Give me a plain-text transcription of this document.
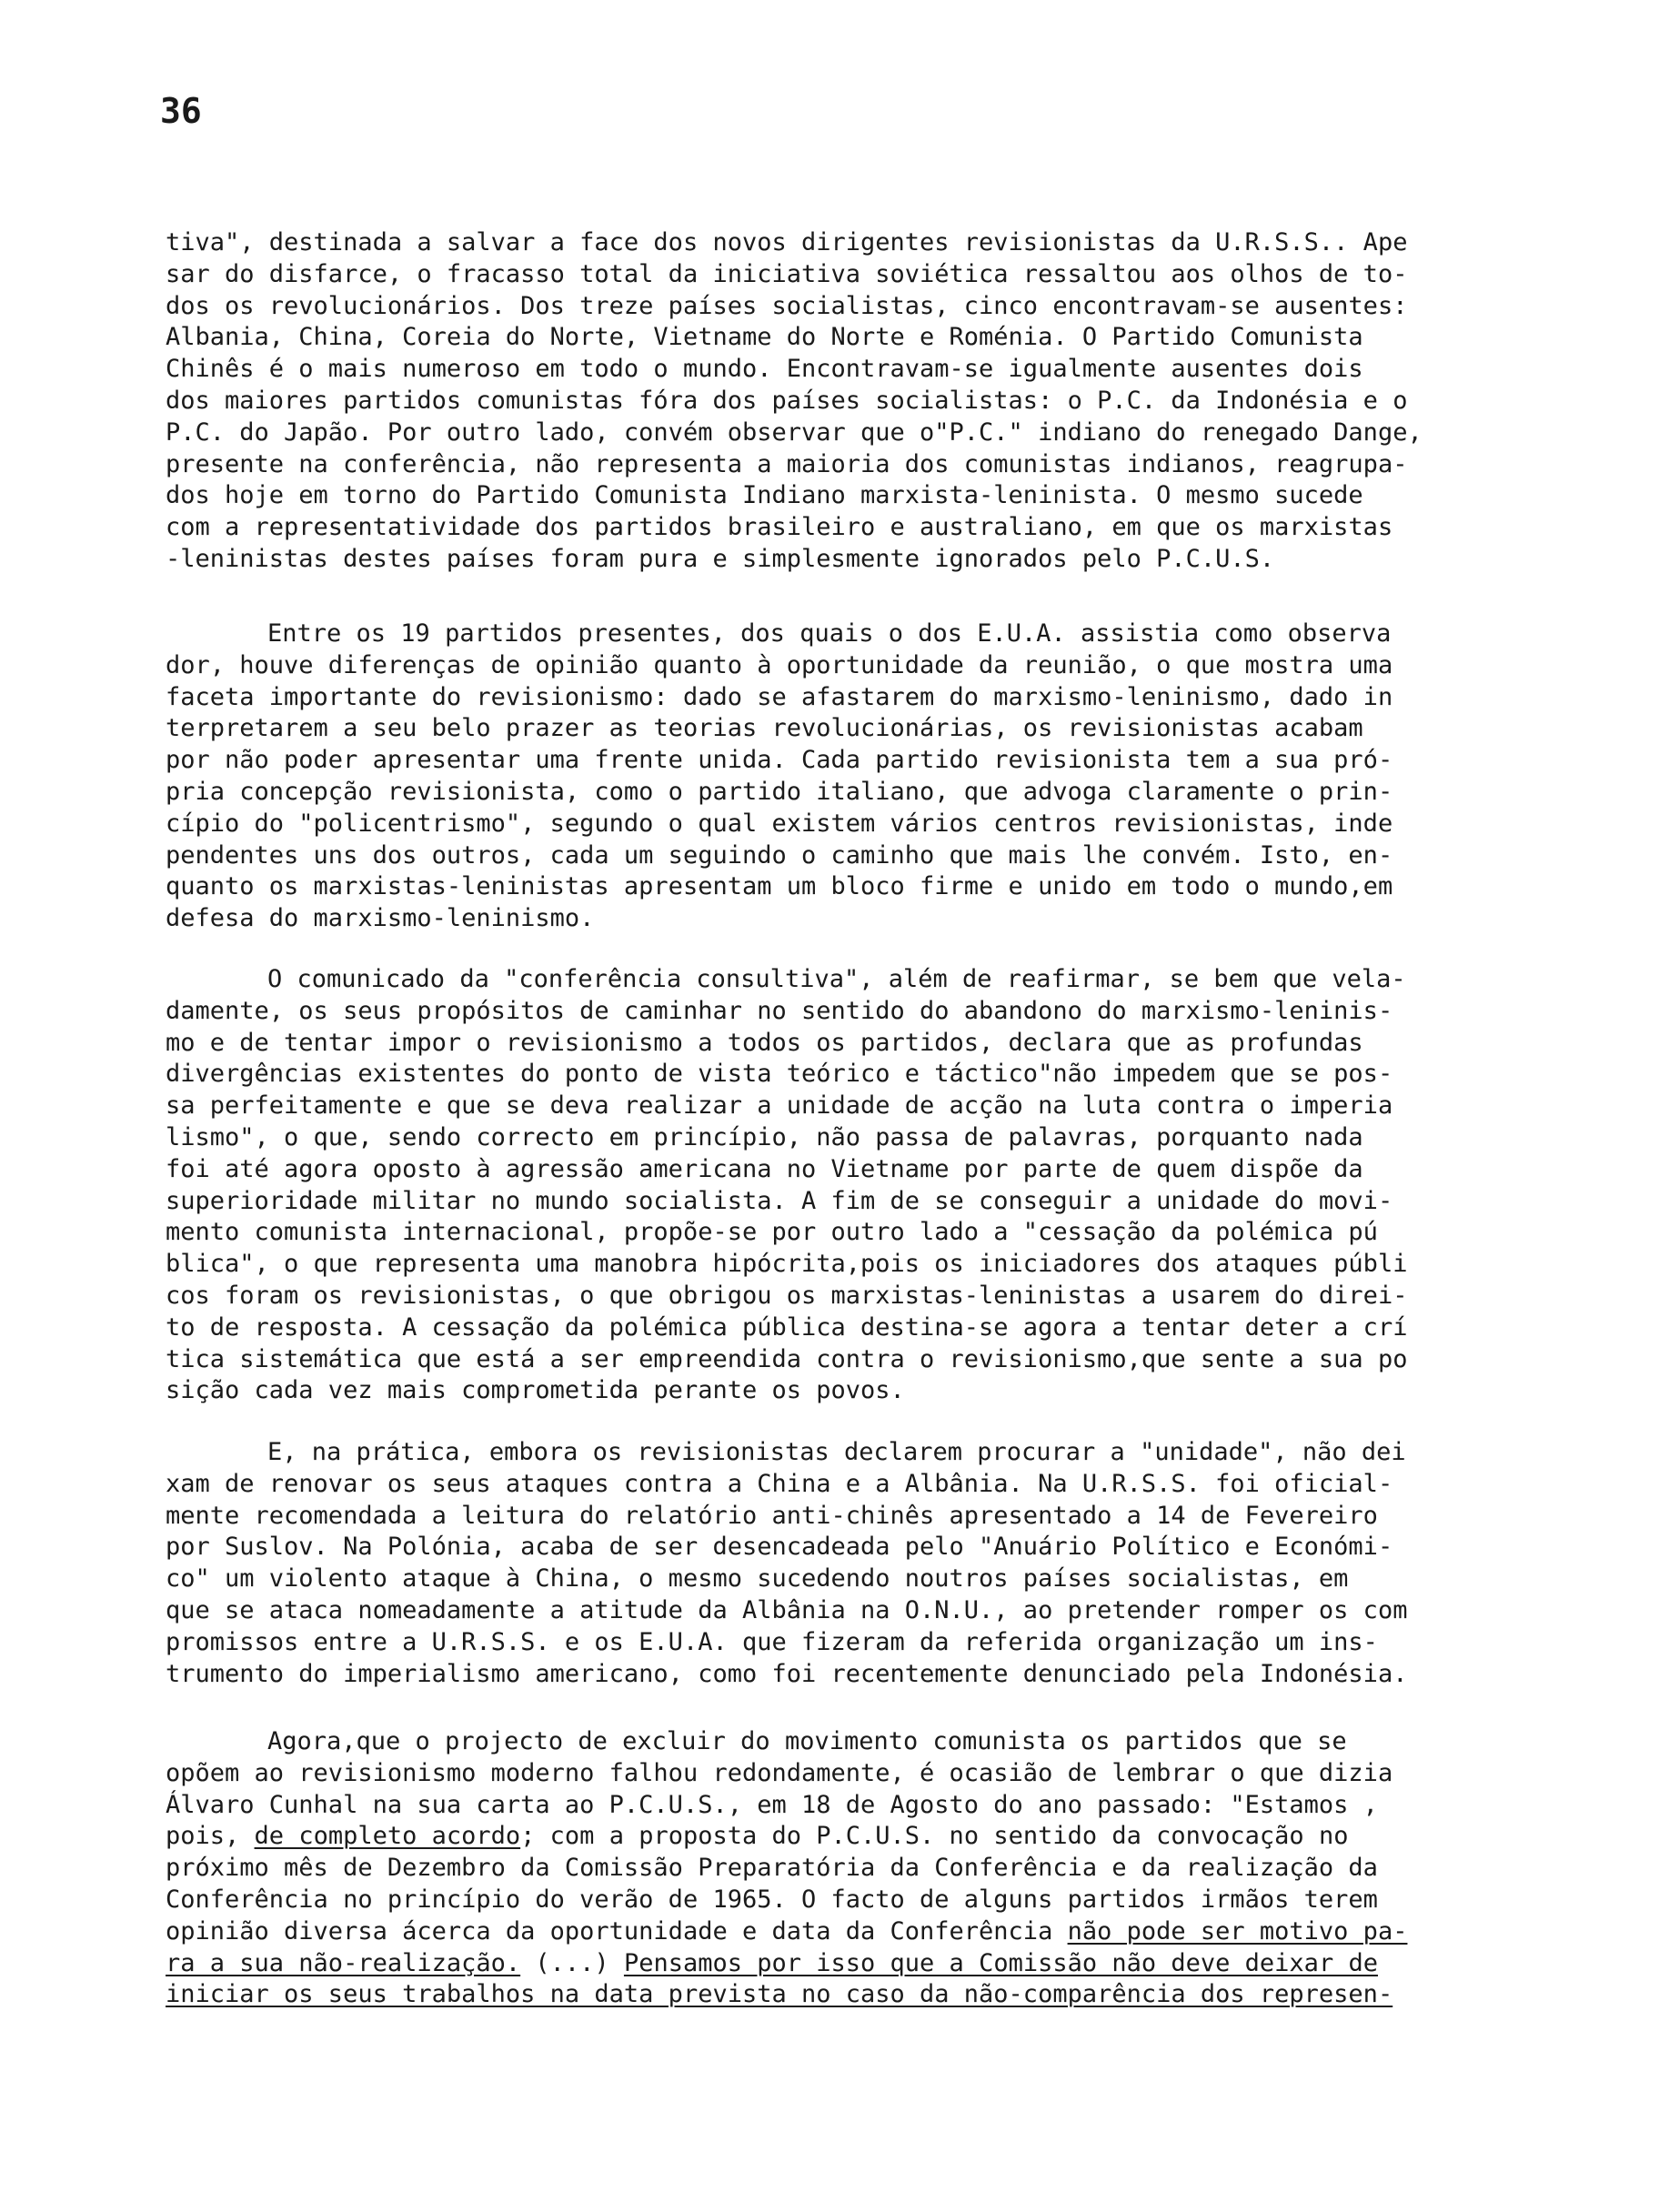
36
tiva", destinada a salvar a face dos novos dirigentes revisionistas da U.R.S.S.. Ape
sar do disfarce, o fracasso total da iniciativa soviética ressaltou aos olhos de to-
dos os revolucionários. Dos treze países socialistas, cinco encontravam-se ausentes:
Albania, China, Coreia do Norte, Vietname do Norte e Roménia. O Partido Comunista
Chinês é o mais numeroso em todo o mundo. Encontravam-se igualmente ausentes dois
dos maiores partidos comunistas fóra dos países socialistas: o P.C. da Indonésia e o
P.C. do Japão. Por outro lado, convém observar que o"P.C." indiano do renegado Dange,
presente na conferência, não representa a maioria dos comunistas indianos, reagrupa-
dos hoje em torno do Partido Comunista Indiano marxista-leninista. O mesmo sucede
com a representatividade dos partidos brasileiro e australiano, em que os marxistas
-leninistas destes países foram pura e simplesmente ignorados pelo P.C.U.S.
Entre os 19 partidos presentes, dos quais o dos E.U.A. assistia como observa
dor, houve diferenças de opinião quanto à oportunidade da reunião, o que mostra uma
faceta importante do revisionismo: dado se afastarem do marxismo-leninismo, dado in
terpretarem a seu belo prazer as teorias revolucionárias, os revisionistas acabam
por não poder apresentar uma frente unida. Cada partido revisionista tem a sua pró-
pria concepção revisionista, como o partido italiano, que advoga claramente o prin-
cípio do "policentrismo", segundo o qual existem vários centros revisionistas, inde
pendentes uns dos outros, cada um seguindo o caminho que mais lhe convém. Isto, en-
quanto os marxistas-leninistas apresentam um bloco firme e unido em todo o mundo,em
defesa do marxismo-leninismo.
O comunicado da "conferência consultiva", além de reafirmar, se bem que vela-
damente, os seus propósitos de caminhar no sentido do abandono do marxismo-leninis-
mo e de tentar impor o revisionismo a todos os partidos, declara que as profundas
divergências existentes do ponto de vista teórico e táctico"não impedem que se pos-
sa perfeitamente e que se deva realizar a unidade de acção na luta contra o imperia
lismo", o que, sendo correcto em princípio, não passa de palavras, porquanto nada
foi até agora oposto à agressão americana no Vietname por parte de quem dispõe da
superioridade militar no mundo socialista. A fim de se conseguir a unidade do movi-
mento comunista internacional, propõe-se por outro lado a "cessação da polémica pú
blica", o que representa uma manobra hipócrita,pois os iniciadores dos ataques públi
cos foram os revisionistas, o que obrigou os marxistas-leninistas a usarem do direi-
to de resposta. A cessação da polémica pública destina-se agora a tentar deter a crí
tica sistemática que está a ser empreendida contra o revisionismo,que sente a sua po
sição cada vez mais comprometida perante os povos.
E, na prática, embora os revisionistas declarem procurar a "unidade", não dei
xam de renovar os seus ataques contra a China e a Albânia. Na U.R.S.S. foi oficial-
mente recomendada a leitura do relatório anti-chinês apresentado a 14 de Fevereiro
por Suslov. Na Polónia, acaba de ser desencadeada pelo "Anuário Político e Económi-
co" um violento ataque à China, o mesmo sucedendo noutros países socialistas, em
que se ataca nomeadamente a atitude da Albânia na O.N.U., ao pretender romper os com
promissos entre a U.R.S.S. e os E.U.A. que fizeram da referida organização um ins-
trumento do imperialismo americano, como foi recentemente denunciado pela Indonésia.
Agora,que o projecto de excluir do movimento comunista os partidos que se
opõem ao revisionismo moderno falhou redondamente, é ocasião de lembrar o que dizia
Álvaro Cunhal na sua carta ao P.C.U.S., em 18 de Agosto do ano passado: "Estamos ,
pois, de completo acordo; com a proposta do P.C.U.S. no sentido da convocação no
próximo mês de Dezembro da Comissão Preparatória da Conferência e da realização da
Conferência no princípio do verão de 1965. O facto de alguns partidos irmãos terem
opinião diversa ácerca da oportunidade e data da Conferência não pode ser motivo pa-
ra a sua não-realização. (...) Pensamos por isso que a Comissão não deve deixar de
iniciar os seus trabalhos na data prevista no caso da não-comparência dos represen-
